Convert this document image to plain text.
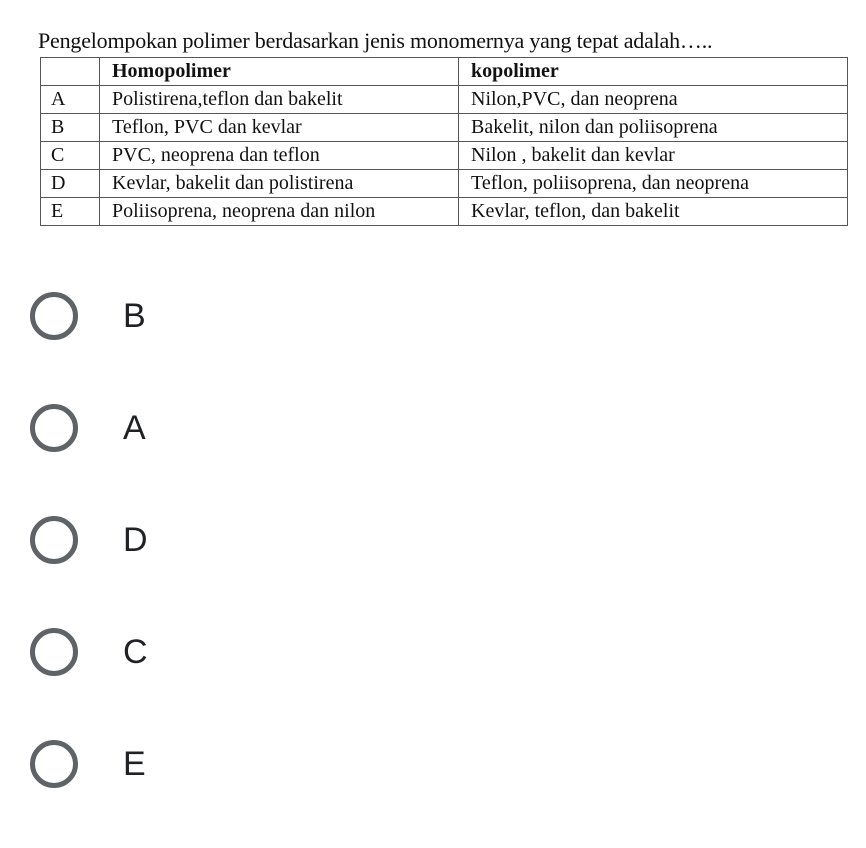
Pengelompokan polimer berdasarkan jenis monomernya yang tepat adalah…..
	Homopolimer	kopolimer
A	Polistirena,teflon dan bakelit	Nilon,PVC, dan neoprena
B	Teflon, PVC dan kevlar	Bakelit, nilon dan poliisoprena
C	PVC, neoprena dan teflon	Nilon , bakelit dan kevlar
D	Kevlar, bakelit dan polistirena	Teflon, poliisoprena, dan neoprena
E	Poliisoprena, neoprena dan nilon	Kevlar, teflon, dan bakelit
B
A
D
C
E
